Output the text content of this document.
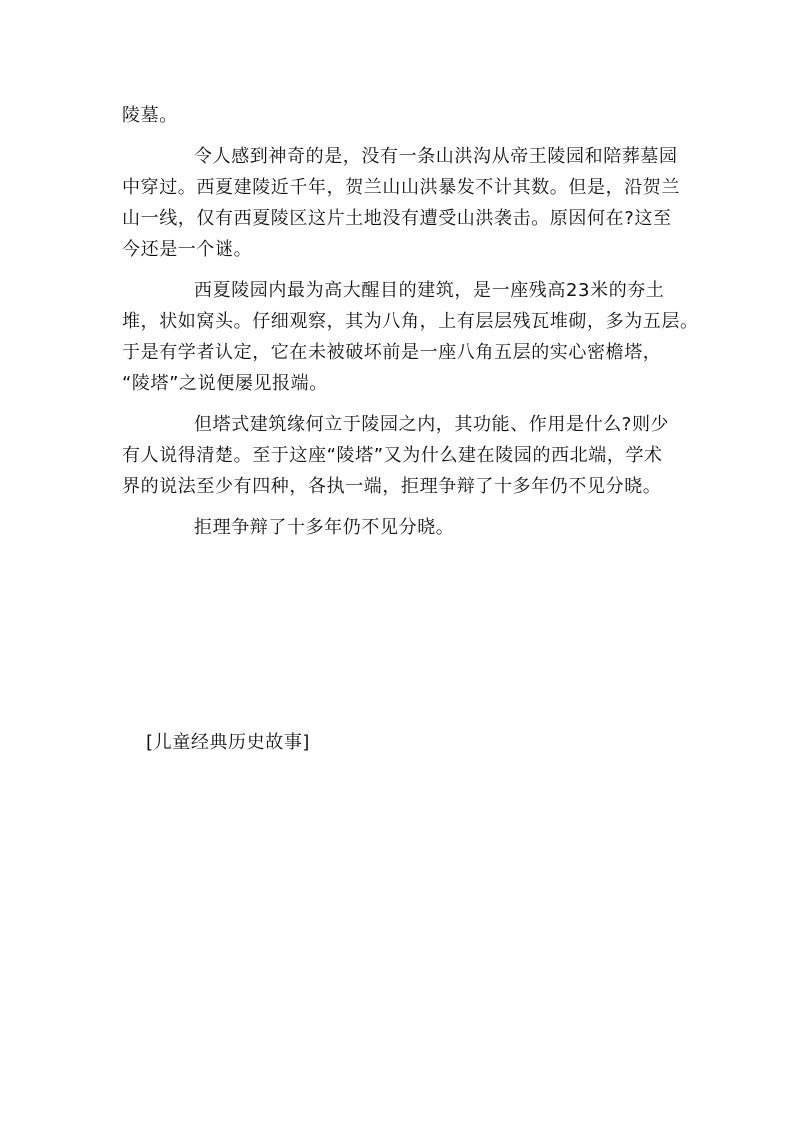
陵墓。
令人感到神奇的是，没有一条山洪沟从帝王陵园和陪葬墓园
中穿过。西夏建陵近千年，贺兰山山洪暴发不计其数。但是，沿贺兰
山一线，仅有西夏陵区这片土地没有遭受山洪袭击。原因何在?这至
今还是一个谜。
西夏陵园内最为高大醒目的建筑，是一座残高23米的夯土
堆，状如窝头。仔细观察，其为八角，上有层层残瓦堆砌，多为五层。
于是有学者认定，它在未被破坏前是一座八角五层的实心密檐塔，
“陵塔”之说便屡见报端。
但塔式建筑缘何立于陵园之内，其功能、作用是什么?则少
有人说得清楚。至于这座“陵塔”又为什么建在陵园的西北端，学术
界的说法至少有四种，各执一端，拒理争辩了十多年仍不见分晓。
拒理争辩了十多年仍不见分晓。
[儿童经典历史故事]
